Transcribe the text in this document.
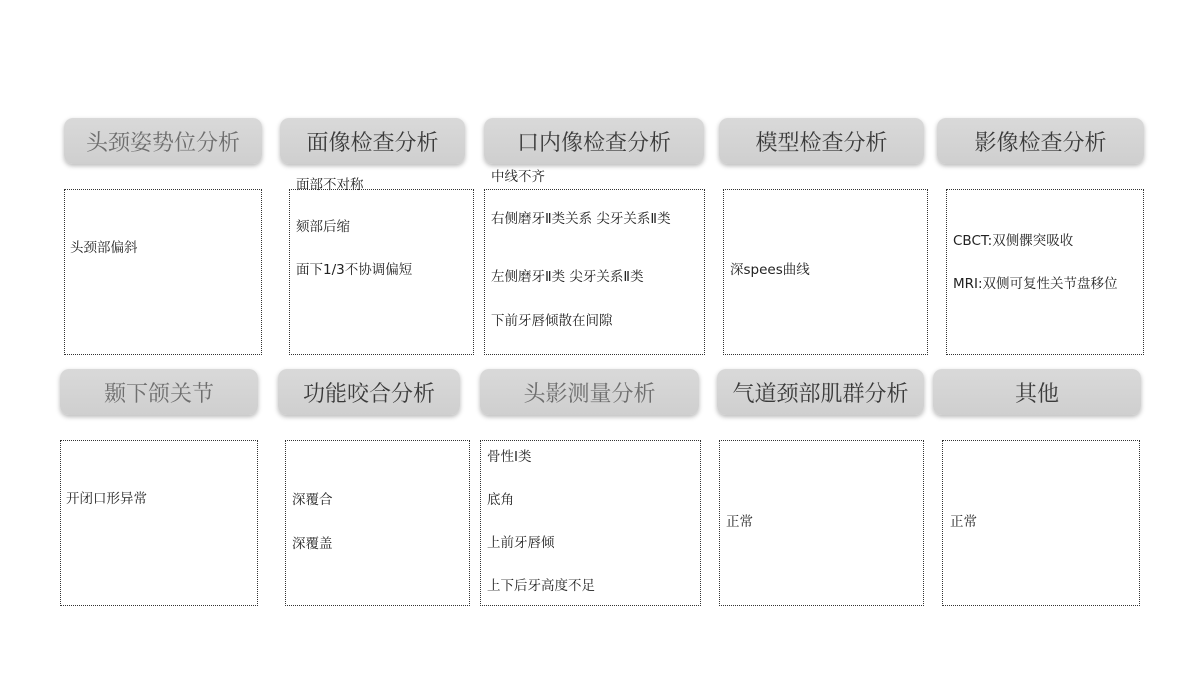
头颈姿势位分析	面像检查分析	口内像检查分析	模型检查分析	影像检查分析
头颈部偏斜
面部不对称
颏部后缩
面下1/3不协调偏短
中线不齐
右侧磨牙Ⅱ类关系 尖牙关系Ⅱ类
左侧磨牙Ⅱ类 尖牙关系Ⅱ类
下前牙唇倾散在间隙
深spees曲线
CBCT:双侧髁突吸收
MRI:双侧可复性关节盘移位
颞下颌关节	功能咬合分析	头影测量分析	气道颈部肌群分析	其他
开闭口形异常	深覆合
深覆盖
骨性Ⅰ类
底角
上前牙唇倾
上下后牙高度不足
正常	正常
